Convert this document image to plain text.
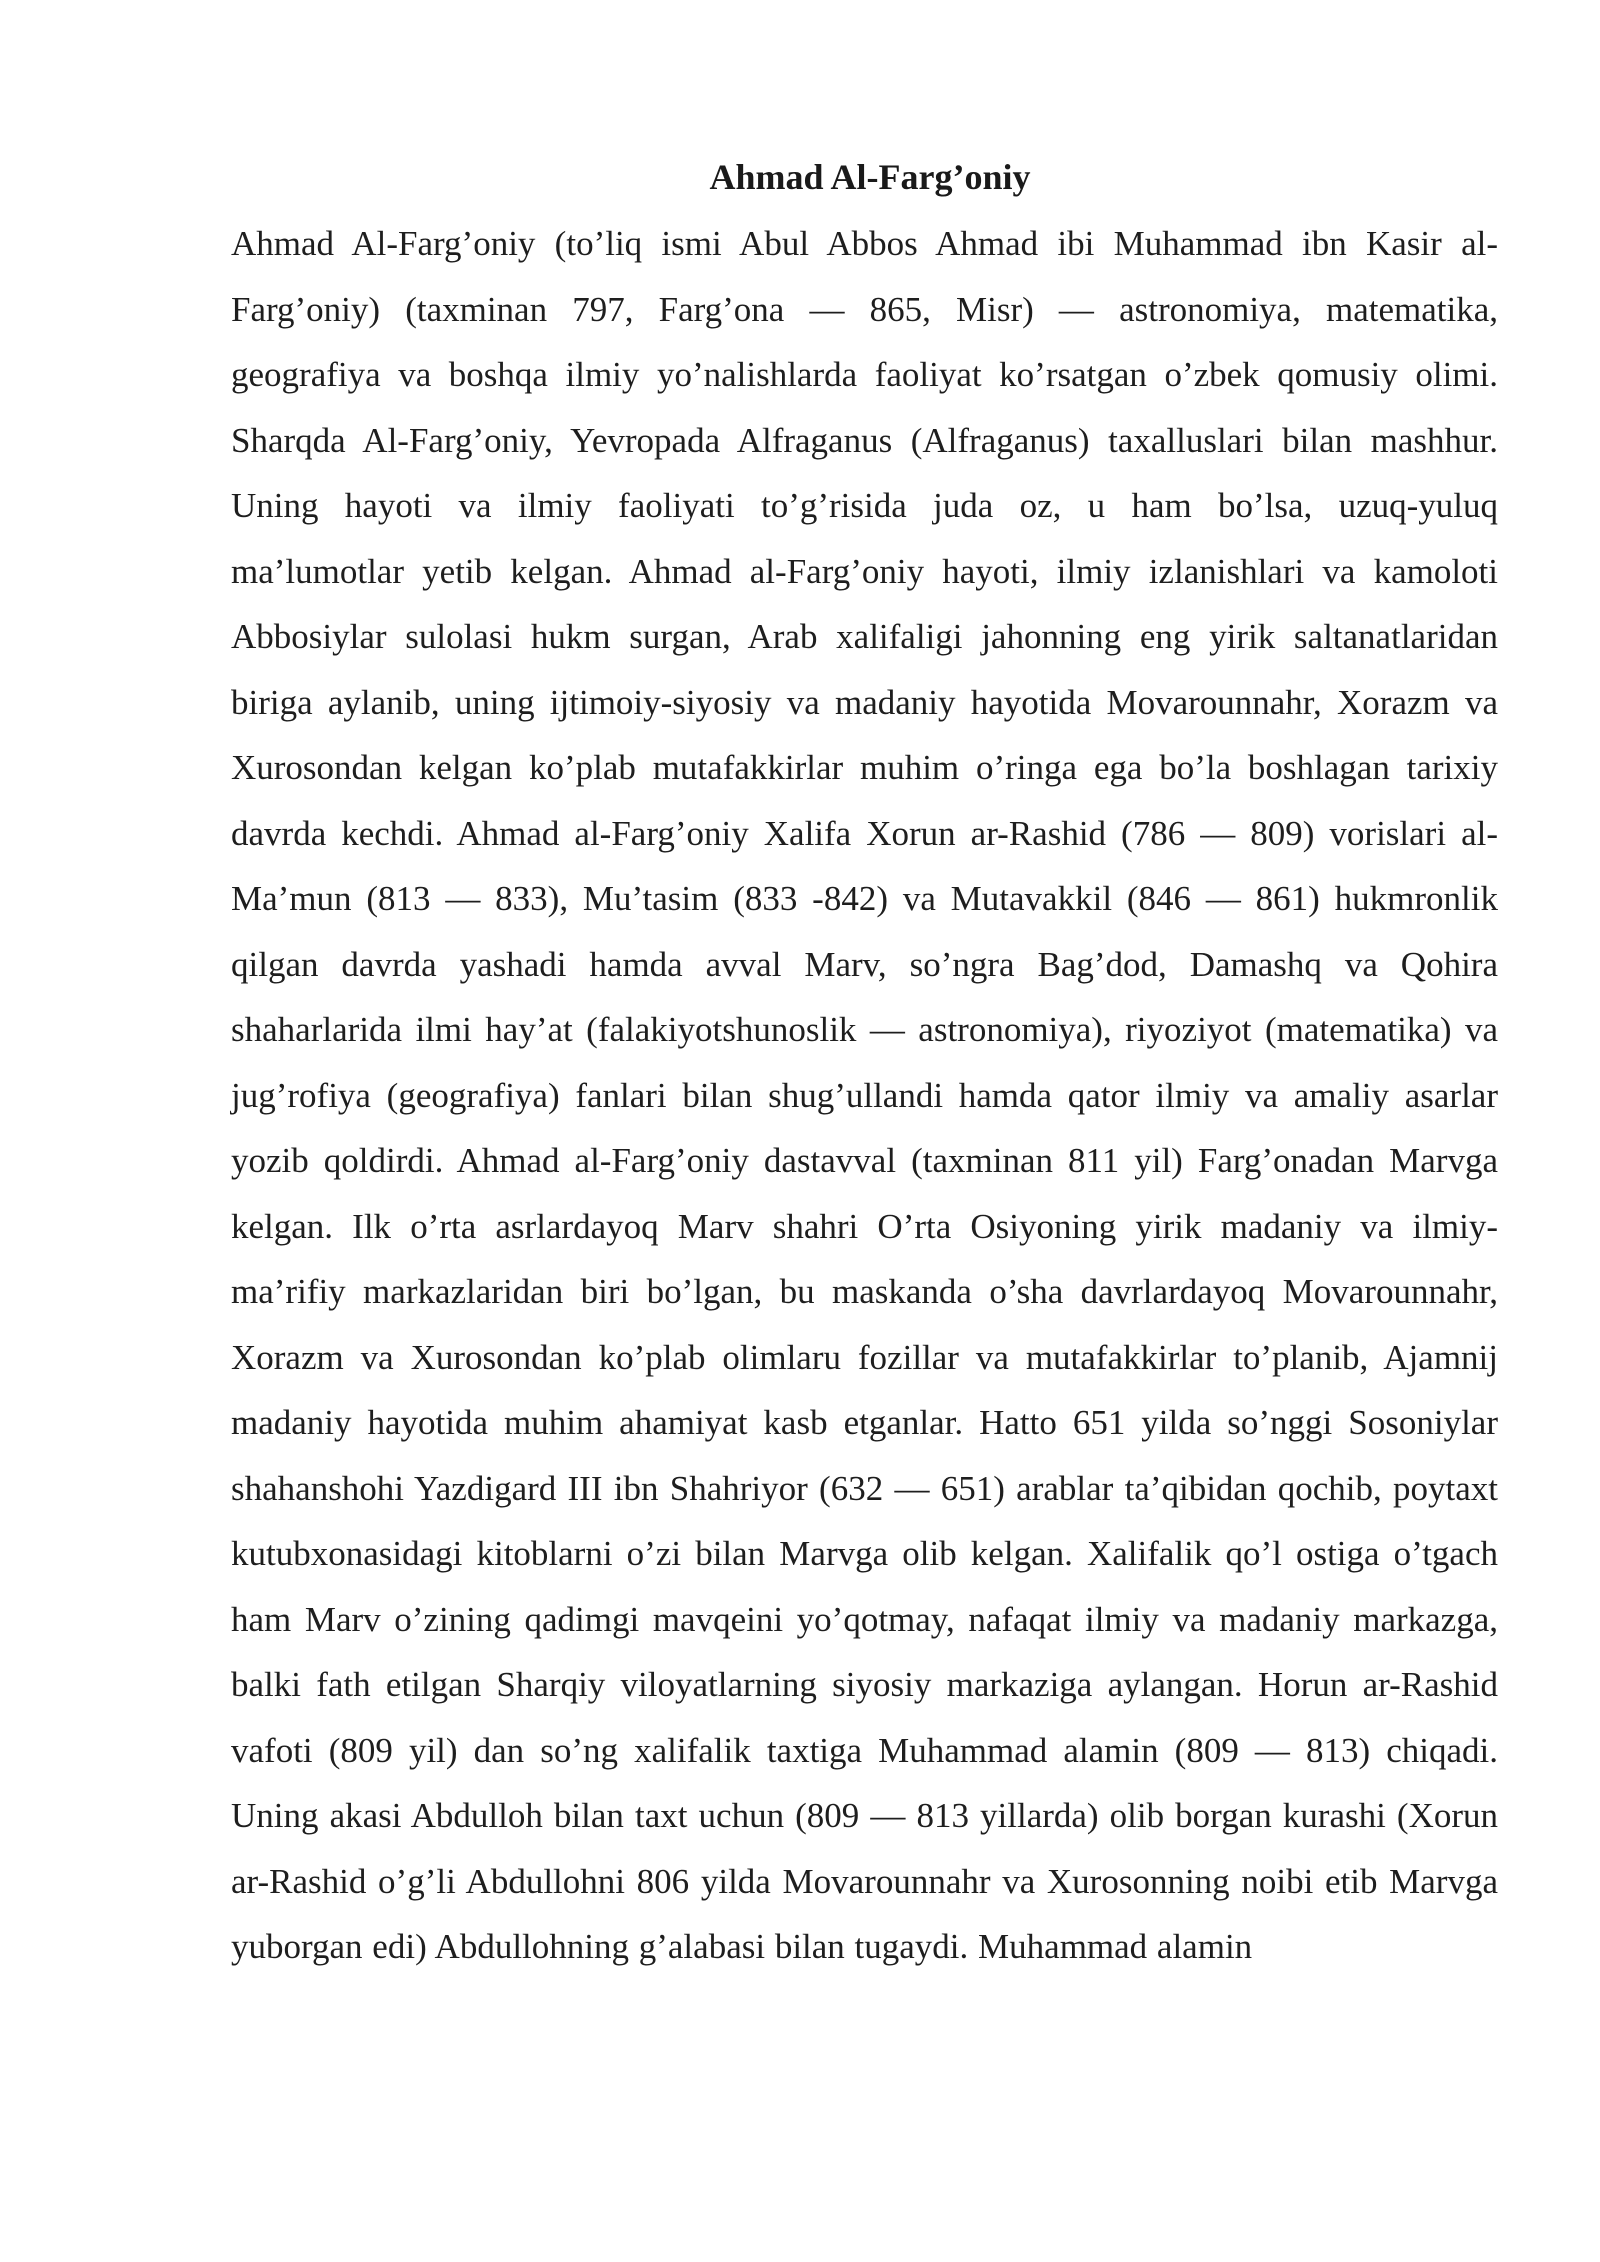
Ahmad Al-Farg’oniy

Ahmad Al-Farg’oniy (to’liq ismi Abul Abbos Ahmad ibi Muhammad ibn Kasir al-Farg’oniy) (taxminan 797, Farg’ona — 865, Misr) — astronomiya, matematika, geografiya va boshqa ilmiy yo’nalishlarda faoliyat ko’rsatgan o’zbek qomusiy olimi. Sharqda Al-Farg’oniy, Yevropada Alfraganus (Alfraganus) taxalluslari bilan mashhur. Uning hayoti va ilmiy faoliyati to’g’risida juda oz, u ham bo’lsa, uzuq-yuluq ma’lumotlar yetib kelgan. Ahmad al-Farg’oniy hayoti, ilmiy izlanishlari va kamoloti Abbosiylar sulolasi hukm surgan, Arab xalifaligi jahonning eng yirik saltanatlaridan biriga aylanib, uning ijtimoiy-siyosiy va madaniy hayotida Movarounnahr, Xorazm va Xurosondan kelgan ko’plab mutafakkirlar muhim o’ringa ega bo’la boshlagan tarixiy davrda kechdi. Ahmad al-Farg’oniy Xalifa Xorun ar-Rashid (786 — 809) vorislari al-Ma’mun (813 — 833), Mu’tasim (833 -842) va Mutavakkil (846 — 861) hukmronlik qilgan davrda yashadi hamda avval Marv, so’ngra Bag’dod, Damashq va Qohira shaharlarida ilmi hay’at (falakiyotshunoslik — astronomiya), riyoziyot (matematika) va jug’rofiya (geografiya) fanlari bilan shug’ullandi hamda qator ilmiy va amaliy asarlar yozib qoldirdi. Ahmad al-Farg’oniy dastavval (taxminan 811 yil) Farg’onadan Marvga kelgan. Ilk o’rta asrlardayoq Marv shahri O’rta Osiyoning yirik madaniy va ilmiy-ma’rifiy markazlaridan biri bo’lgan, bu maskanda o’sha davrlardayoq Movarounnahr, Xorazm va Xurosondan ko’plab olimlaru fozillar va mutafakkirlar to’planib, Ajamnij madaniy hayotida muhim ahamiyat kasb etganlar. Hatto 651 yilda so’nggi Sosoniylar shahanshohi Yazdigard III ibn Shahriyor (632 — 651) arablar ta’qibidan qochib, poytaxt kutubxonasidagi kitoblarni o’zi bilan Marvga olib kelgan. Xalifalik qo’l ostiga o’tgach ham Marv o’zining qadimgi mavqeini yo’qotmay, nafaqat ilmiy va madaniy markazga, balki fath etilgan Sharqiy viloyatlarning siyosiy markaziga aylangan. Horun ar-Rashid vafoti (809 yil) dan so’ng xalifalik taxtiga Muhammad alamin (809 — 813) chiqadi. Uning akasi Abdulloh bilan taxt uchun (809 — 813 yillarda) olib borgan kurashi (Xorun ar-Rashid o’g’li Abdullohni 806 yilda Movarounnahr va Xurosonning noibi etib Marvga yuborgan edi) Abdullohning g’alabasi bilan tugaydi. Muhammad alamin
